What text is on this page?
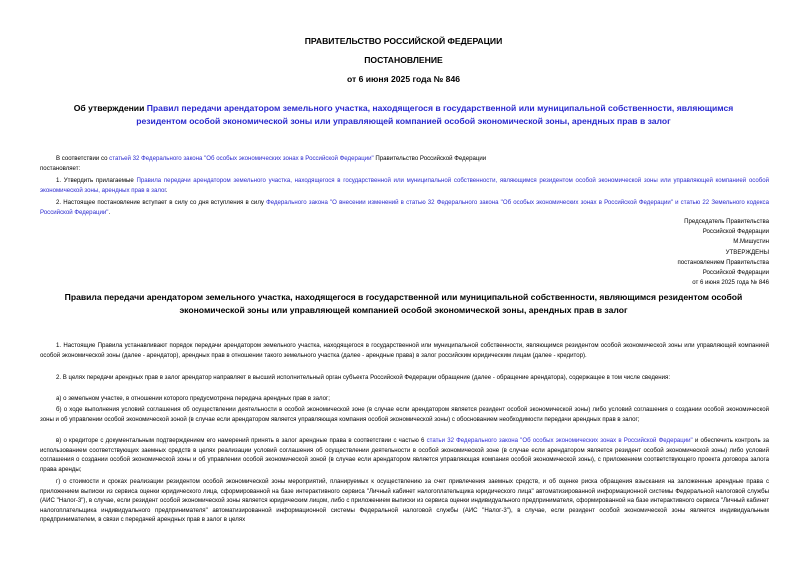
ПРАВИТЕЛЬСТВО РОССИЙСКОЙ ФЕДЕРАЦИИ
ПОСТАНОВЛЕНИЕ
от 6 июня 2025 года № 846
Об утверждении Правил передачи арендатором земельного участка, находящегося в государственной или муниципальной собственности, являющимся резидентом особой экономической зоны или управляющей компанией особой экономической зоны, арендных прав в залог
В соответствии со статьей 32 Федерального закона "Об особых экономических зонах в Российской Федерации" Правительство Российской Федерации
постановляет:
1. Утвердить прилагаемые Правила передачи арендатором земельного участка, находящегося в государственной или муниципальной собственности, являющимся резидентом особой экономической зоны или управляющей компанией особой экономической зоны, арендных прав в залог.
2. Настоящее постановление вступает в силу со дня вступления в силу Федерального закона "О внесении изменений в статью 32 Федерального закона "Об особых экономических зонах в Российской Федерации" и статью 22 Земельного кодекса Российской Федерации".
Председатель Правительства
Российской Федерации
М.Мишустин
УТВЕРЖДЕНЫ
постановлением Правительства
Российской Федерации
от 6 июня 2025 года № 846
Правила передачи арендатором земельного участка, находящегося в государственной или муниципальной собственности, являющимся резидентом особой экономической зоны или управляющей компанией особой экономической зоны, арендных прав в залог
1. Настоящие Правила устанавливают порядок передачи арендатором земельного участка, находящегося в государственной или муниципальной собственности, являющимся резидентом особой экономической зоны или управляющей компанией особой экономической зоны (далее - арендатор), арендных прав в отношении такого земельного участка (далее - арендные права) в залог российским юридическим лицам (далее - кредитор).
2. В целях передачи арендных прав в залог арендатор направляет в высший исполнительный орган субъекта Российской Федерации обращение (далее - обращение арендатора), содержащее в том числе сведения:
а) о земельном участке, в отношении которого предусмотрена передача арендных прав в залог;
б) о ходе выполнения условий соглашения об осуществлении деятельности в особой экономической зоне (в случае если арендатором является резидент особой экономической зоны) либо условий соглашения о создании особой экономической зоны и об управлении особой экономической зоной (в случае если арендатором является управляющая компания особой экономической зоны) с обоснованием необходимости передачи арендных прав в залог;
в) о кредиторе с документальным подтверждением его намерений принять в залог арендные права в соответствии с частью 6 статьи 32 Федерального закона "Об особых экономических зонах в Российской Федерации" и обеспечить контроль за использованием соответствующих заемных средств в целях реализации условий соглашения об осуществлении деятельности в особой экономической зоне (в случае если арендатором является резидент особой экономической зоны) либо условий соглашения о создании особой экономической зоны и об управлении особой экономической зоной (в случае если арендатором является управляющая компания особой экономической зоны), с приложением соответствующего проекта договора залога права аренды;
г) о стоимости и сроках реализации резидентом особой экономической зоны мероприятий, планируемых к осуществлению за счет привлечения заемных средств, и об оценке риска обращения взыскания на заложенные арендные права с приложением выписки из сервиса оценки юридического лица, сформированной на базе интерактивного сервиса "Личный кабинет налогоплательщика юридического лица" автоматизированной информационной системы Федеральной налоговой службы (АИС "Налог-3"), в случае, если резидент особой экономической зоны является юридическим лицом, либо с приложением выписки из сервиса оценки индивидуального предпринимателя, сформированной на базе интерактивного сервиса "Личный кабинет налогоплательщика индивидуального предпринимателя" автоматизированной информационной системы Федеральной налоговой службы (АИС "Налог-3"), в случае, если резидент особой экономической зоны является индивидуальным предпринимателем, в связи с передачей арендных прав в залог в целях
